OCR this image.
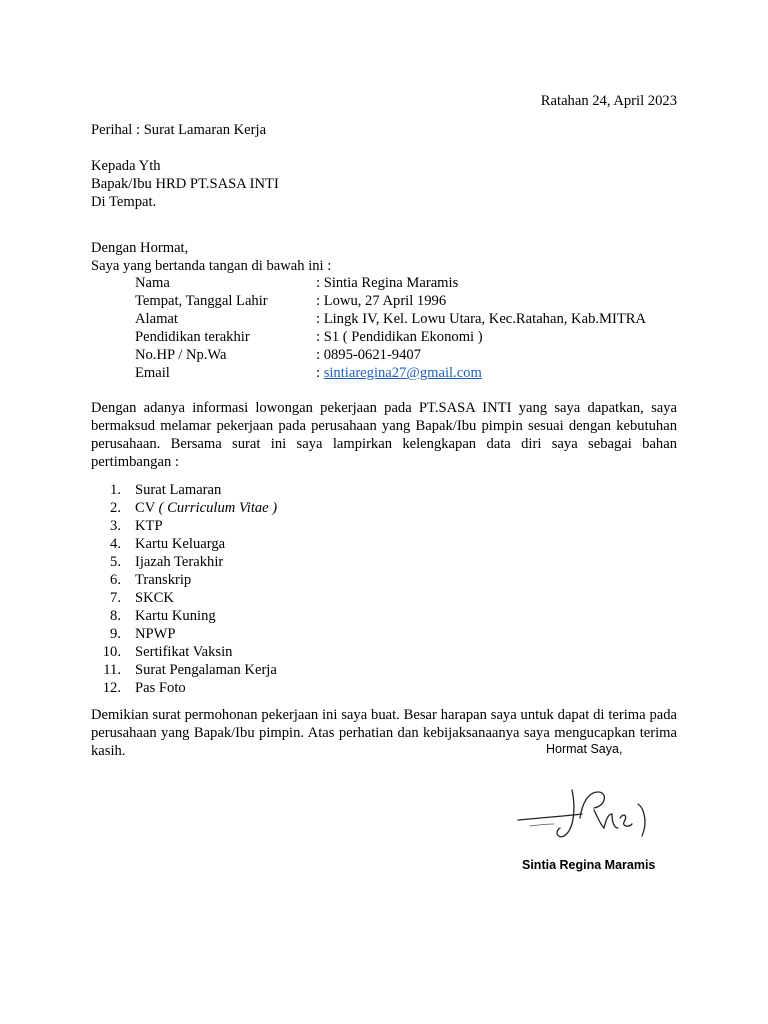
Ratahan 24, April 2023
Perihal : Surat Lamaran Kerja
Kepada Yth
Bapak/Ibu HRD PT.SASA INTI
Di Tempat.
Dengan Hormat,
Saya yang bertanda tangan di bawah ini :
Nama	: Sintia Regina Maramis
Tempat, Tanggal Lahir	: Lowu, 27 April 1996
Alamat	: Lingk IV, Kel. Lowu Utara, Kec.Ratahan, Kab.MITRA
Pendidikan terakhir	: S1 ( Pendidikan Ekonomi )
No.HP / Np.Wa	: 0895-0621-9407
Email	: sintiaregina27@gmail.com
Dengan adanya informasi lowongan pekerjaan pada PT.SASA INTI yang saya dapatkan, saya bermaksud melamar pekerjaan pada perusahaan yang Bapak/Ibu pimpin sesuai dengan kebutuhan perusahaan. Bersama surat ini saya lampirkan kelengkapan data diri saya sebagai bahan pertimbangan :
1. Surat Lamaran
2. CV ( Curriculum Vitae )
3. KTP
4. Kartu Keluarga
5. Ijazah Terakhir
6. Transkrip
7. SKCK
8. Kartu Kuning
9. NPWP
10. Sertifikat Vaksin
11. Surat Pengalaman Kerja
12. Pas Foto
Demikian surat permohonan pekerjaan ini saya buat. Besar harapan saya untuk dapat di terima pada perusahaan yang Bapak/Ibu pimpin. Atas perhatian dan kebijaksanaanya saya mengucapkan terima kasih.	Hormat Saya,
Sintia Regina Maramis
